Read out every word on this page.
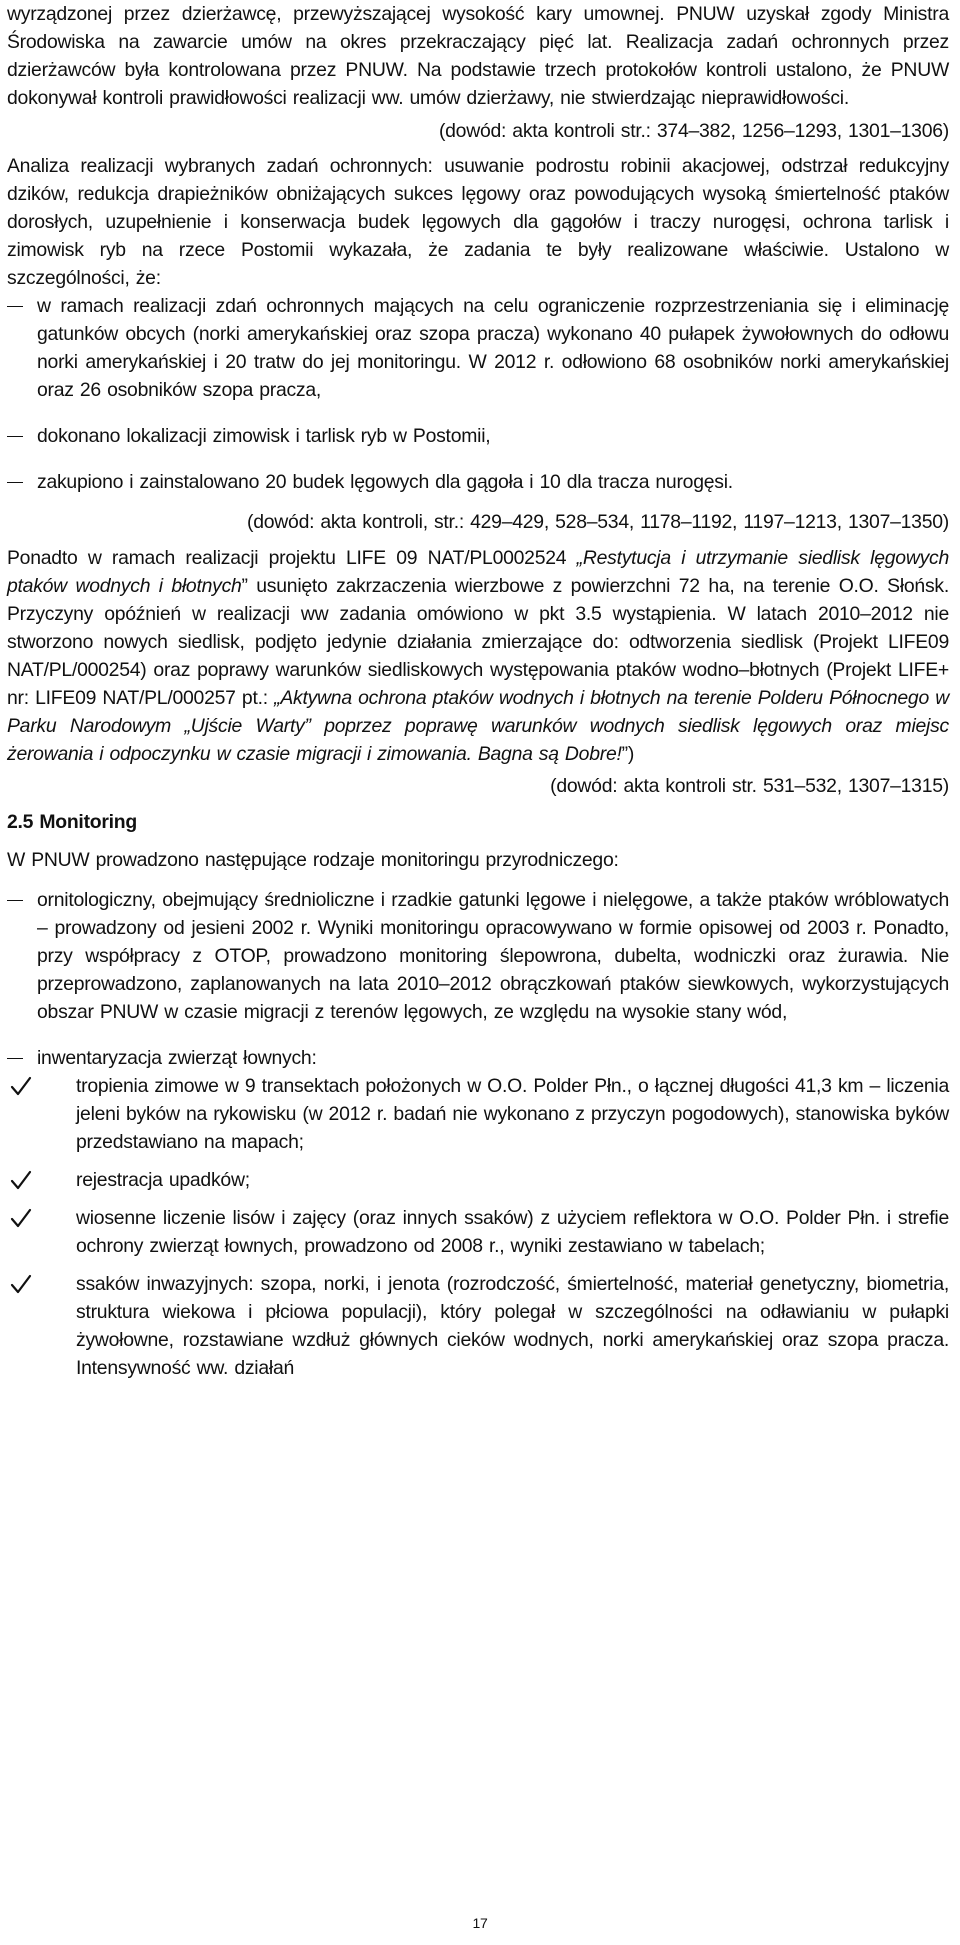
wyrządzonej przez dzierżawcę, przewyższającej wysokość kary umownej. PNUW uzyskał zgody Ministra Środowiska na zawarcie umów na okres przekraczający pięć lat. Realizacja zadań ochronnych przez dzierżawców była kontrolowana przez PNUW. Na podstawie trzech protokołów kontroli ustalono, że PNUW dokonywał kontroli prawidłowości realizacji ww. umów dzierżawy, nie stwierdzając nieprawidłowości.

(dowód: akta kontroli str.: 374‒382, 1256‒1293, 1301‒1306)

Analiza realizacji wybranych zadań ochronnych: usuwanie podrostu robinii akacjowej, odstrzał redukcyjny dzików, redukcja drapieżników obniżających sukces lęgowy oraz powodujących wysoką śmiertelność ptaków dorosłych, uzupełnienie i konserwacja budek lęgowych dla gągołów i traczy nurogęsi, ochrona tarlisk i zimowisk ryb na rzece Postomii wykazała, że zadania te były realizowane właściwie. Ustalono w szczególności, że:

w ramach realizacji zdań ochronnych mających na celu ograniczenie rozprzestrzeniania się i eliminację gatunków obcych (norki amerykańskiej oraz szopa pracza) wykonano 40 pułapek żywołownych do odłowu norki amerykańskiej i 20 tratw do jej monitoringu. W 2012 r. odłowiono 68 osobników norki amerykańskiej oraz 26 osobników szopa pracza,
dokonano lokalizacji zimowisk i tarlisk ryb w Postomii,
zakupiono i zainstalowano 20 budek lęgowych dla gągoła i 10 dla tracza nurogęsi.

(dowód: akta kontroli, str.: 429‒429, 528‒534, 1178‒1192, 1197‒1213, 1307‒1350)

Ponadto w ramach realizacji projektu LIFE 09 NAT/PL0002524 „Restytucja i utrzymanie siedlisk lęgowych ptaków wodnych i błotnych” usunięto zakrzaczenia wierzbowe z powierzchni 72 ha, na terenie O.O. Słońsk. Przyczyny opóźnień w realizacji ww zadania omówiono w pkt 3.5 wystąpienia. W latach 2010‒2012 nie stworzono nowych siedlisk, podjęto jedynie działania zmierzające do: odtworzenia siedlisk (Projekt LIFE09 NAT/PL/000254) oraz poprawy warunków siedliskowych występowania ptaków wodno‒błotnych (Projekt LIFE+ nr: LIFE09 NAT/PL/000257 pt.: „Aktywna ochrona ptaków wodnych i błotnych na terenie Polderu Północnego w Parku Narodowym „Ujście Warty” poprzez poprawę warunków wodnych siedlisk lęgowych oraz miejsc żerowania i odpoczynku w czasie migracji i zimowania. Bagna są Dobre!”)

(dowód: akta kontroli str. 531‒532, 1307‒1315)

2.5 Monitoring

W PNUW prowadzono następujące rodzaje monitoringu przyrodniczego:

ornitologiczny, obejmujący średnioliczne i rzadkie gatunki lęgowe i nielęgowe, a także ptaków wróblowatych ‒ prowadzony od jesieni 2002 r. Wyniki monitoringu opracowywano w formie opisowej od 2003 r. Ponadto, przy współpracy z OTOP, prowadzono monitoring ślepowrona, dubelta, wodniczki oraz żurawia. Nie przeprowadzono, zaplanowanych na lata 2010‒2012 obrączkowań ptaków siewkowych, wykorzystujących obszar PNUW w czasie migracji z terenów lęgowych, ze względu na wysokie stany wód,
inwentaryzacja zwierząt łownych:
tropienia zimowe w 9 transektach położonych w O.O. Polder Płn., o łącznej długości 41,3 km ‒ liczenia jeleni byków na rykowisku (w 2012 r. badań nie wykonano z przyczyn pogodowych), stanowiska byków przedstawiano na mapach;
rejestracja upadków;
wiosenne liczenie lisów i zajęcy (oraz innych ssaków) z użyciem reflektora w O.O. Polder Płn. i strefie ochrony zwierząt łownych, prowadzono od 2008 r., wyniki zestawiano w tabelach;
ssaków inwazyjnych: szopa, norki, i jenota (rozrodczość, śmiertelność, materiał genetyczny, biometria, struktura wiekowa i płciowa populacji), który polegał w szczególności na odławianiu w pułapki żywołowne, rozstawiane wzdłuż głównych cieków wodnych, norki amerykańskiej oraz szopa pracza. Intensywność ww. działań
17
